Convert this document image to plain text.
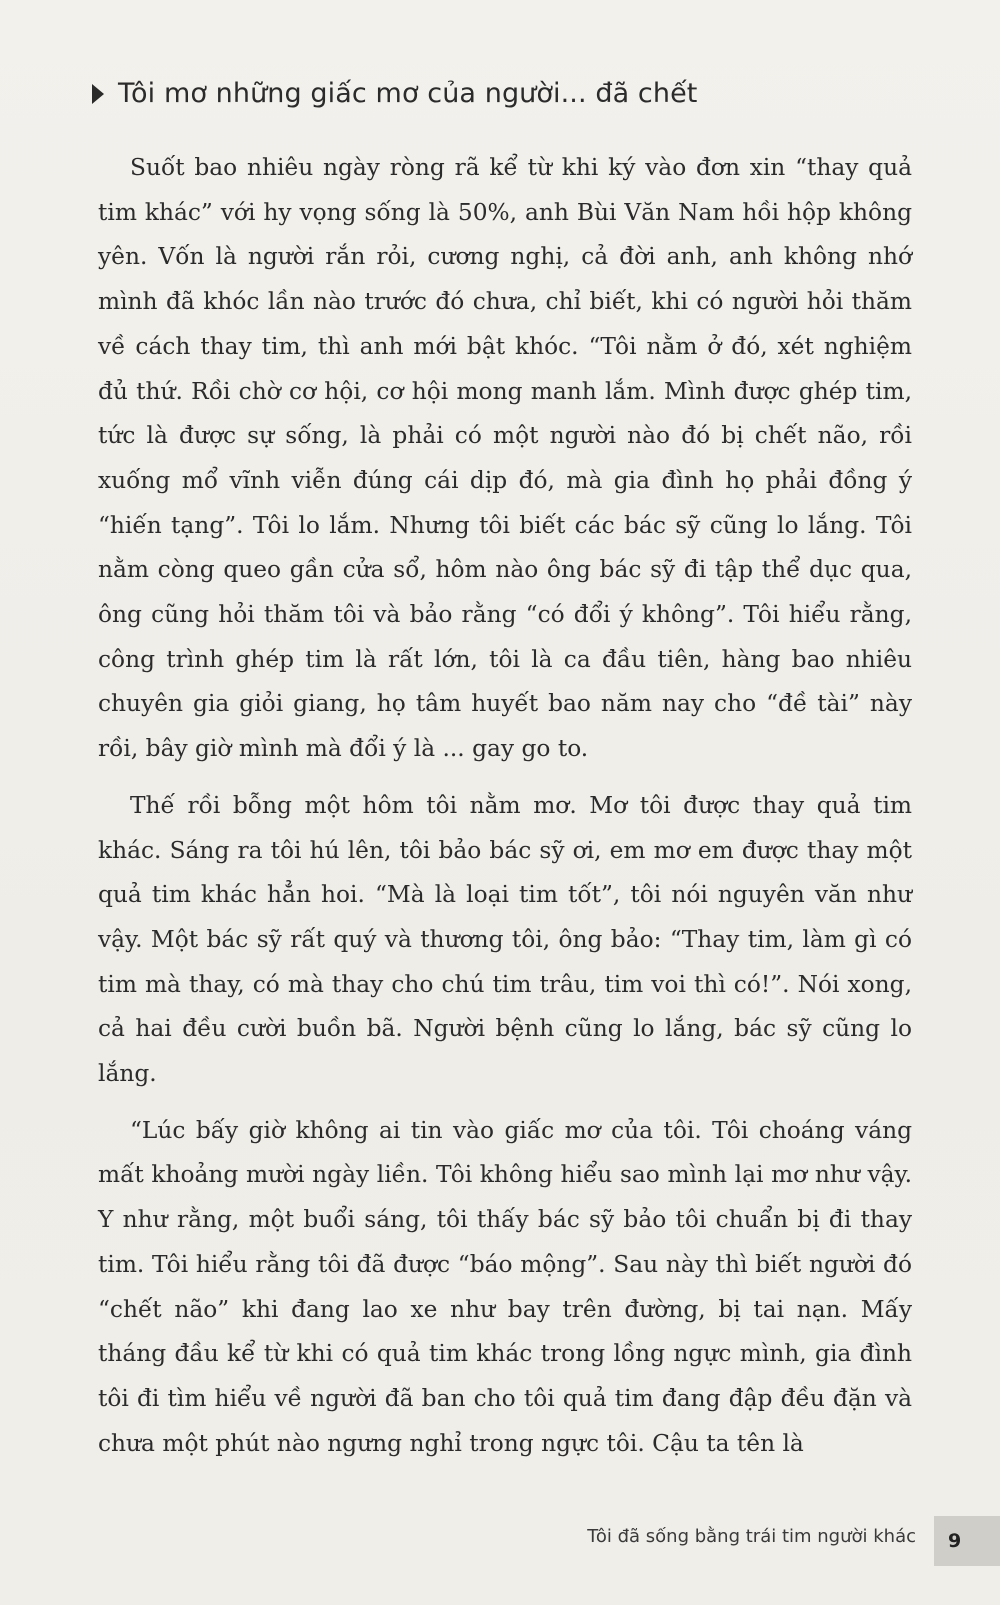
Tôi mơ những giấc mơ của người... đã chết

Suốt bao nhiêu ngày ròng rã kể từ khi ký vào đơn xin “thay quả tim khác” với hy vọng sống là 50%, anh Bùi Văn Nam hồi hộp không yên. Vốn là người rắn rỏi, cương nghị, cả đời anh, anh không nhớ mình đã khóc lần nào trước đó chưa, chỉ biết, khi có người hỏi thăm về cách thay tim, thì anh mới bật khóc. “Tôi nằm ở đó, xét nghiệm đủ thứ. Rồi chờ cơ hội, cơ hội mong manh lắm. Mình được ghép tim, tức là được sự sống, là phải có một người nào đó bị chết não, rồi xuống mổ vĩnh viễn đúng cái dịp đó, mà gia đình họ phải đồng ý “hiến tạng”. Tôi lo lắm. Nhưng tôi biết các bác sỹ cũng lo lắng. Tôi nằm còng queo gần cửa sổ, hôm nào ông bác sỹ đi tập thể dục qua, ông cũng hỏi thăm tôi và bảo rằng “có đổi ý không”. Tôi hiểu rằng, công trình ghép tim là rất lớn, tôi là ca đầu tiên, hàng bao nhiêu chuyên gia giỏi giang, họ tâm huyết bao năm nay cho “đề tài” này rồi, bây giờ mình mà đổi ý là ... gay go to.

Thế rồi bỗng một hôm tôi nằm mơ. Mơ tôi được thay quả tim khác. Sáng ra tôi hú lên, tôi bảo bác sỹ ơi, em mơ em được thay một quả tim khác hẳn hoi. “Mà là loại tim tốt”, tôi nói nguyên văn như vậy. Một bác sỹ rất quý và thương tôi, ông bảo: “Thay tim, làm gì có tim mà thay, có mà thay cho chú tim trâu, tim voi thì có!”. Nói xong, cả hai đều cười buồn bã. Người bệnh cũng lo lắng, bác sỹ cũng lo lắng.

“Lúc bấy giờ không ai tin vào giấc mơ của tôi. Tôi choáng váng mất khoảng mười ngày liền. Tôi không hiểu sao mình lại mơ như vậy. Y như rằng, một buổi sáng, tôi thấy bác sỹ bảo tôi chuẩn bị đi thay tim. Tôi hiểu rằng tôi đã được “báo mộng”. Sau này thì biết người đó “chết não” khi đang lao xe như bay trên đường, bị tai nạn. Mấy tháng đầu kể từ khi có quả tim khác trong lồng ngực mình, gia đình tôi đi tìm hiểu về người đã ban cho tôi quả tim đang đập đều đặn và chưa một phút nào ngưng nghỉ trong ngực tôi. Cậu ta tên là

Tôi đã sống bằng trái tim người khác	9
